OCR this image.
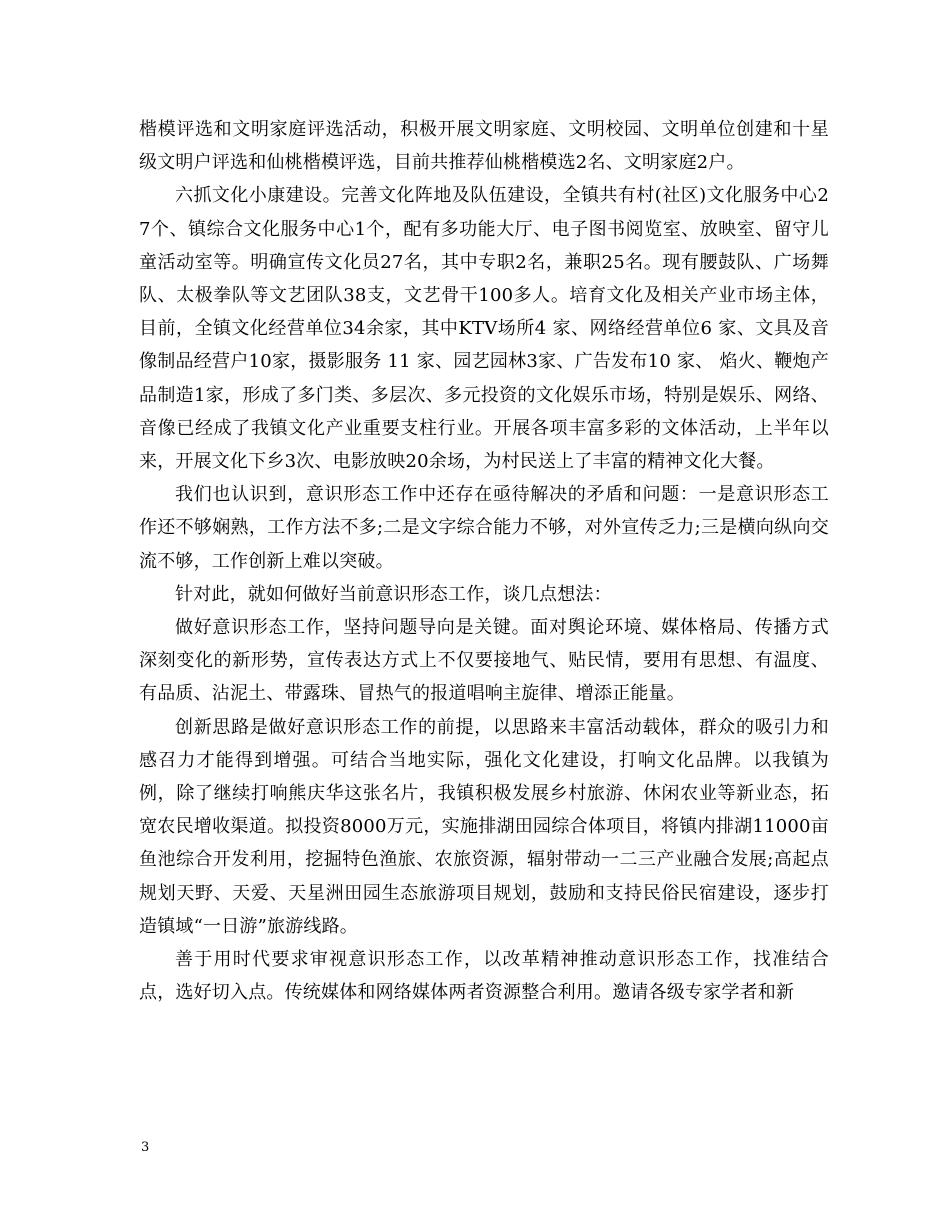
楷模评选和文明家庭评选活动，积极开展文明家庭、文明校园、文明单位创建和十星级文明户评选和仙桃楷模评选，目前共推荐仙桃楷模选2名、文明家庭2户。

六抓文化小康建设。完善文化阵地及队伍建设，全镇共有村(社区)文化服务中心27个、镇综合文化服务中心1个，配有多功能大厅、电子图书阅览室、放映室、留守儿童活动室等。明确宣传文化员27名，其中专职2名，兼职25名。现有腰鼓队、广场舞队、太极拳队等文艺团队38支，文艺骨干100多人。培育文化及相关产业市场主体，目前，全镇文化经营单位34余家，其中KTV场所4 家、网络经营单位6 家、文具及音像制品经营户10家，摄影服务 11 家、园艺园林3家、广告发布10 家、 焰火、鞭炮产品制造1家，形成了多门类、多层次、多元投资的文化娱乐市场，特别是娱乐、网络、音像已经成了我镇文化产业重要支柱行业。开展各项丰富多彩的文体活动，上半年以来，开展文化下乡3次、电影放映20余场，为村民送上了丰富的精神文化大餐。

我们也认识到，意识形态工作中还存在亟待解决的矛盾和问题：一是意识形态工作还不够娴熟，工作方法不多;二是文字综合能力不够，对外宣传乏力;三是横向纵向交流不够，工作创新上难以突破。

针对此，就如何做好当前意识形态工作，谈几点想法：

做好意识形态工作，坚持问题导向是关键。面对舆论环境、媒体格局、传播方式深刻变化的新形势，宣传表达方式上不仅要接地气、贴民情，要用有思想、有温度、有品质、沾泥土、带露珠、冒热气的报道唱响主旋律、增添正能量。

创新思路是做好意识形态工作的前提，以思路来丰富活动载体，群众的吸引力和感召力才能得到增强。可结合当地实际，强化文化建设，打响文化品牌。以我镇为例，除了继续打响熊庆华这张名片，我镇积极发展乡村旅游、休闲农业等新业态，拓宽农民增收渠道。拟投资8000万元，实施排湖田园综合体项目，将镇内排湖11000亩鱼池综合开发利用，挖掘特色渔旅、农旅资源，辐射带动一二三产业融合发展;高起点规划天野、天爱、天星洲田园生态旅游项目规划，鼓励和支持民俗民宿建设，逐步打造镇域“一日游”旅游线路。

善于用时代要求审视意识形态工作，以改革精神推动意识形态工作，找准结合点，选好切入点。传统媒体和网络媒体两者资源整合利用。邀请各级专家学者和新

3
